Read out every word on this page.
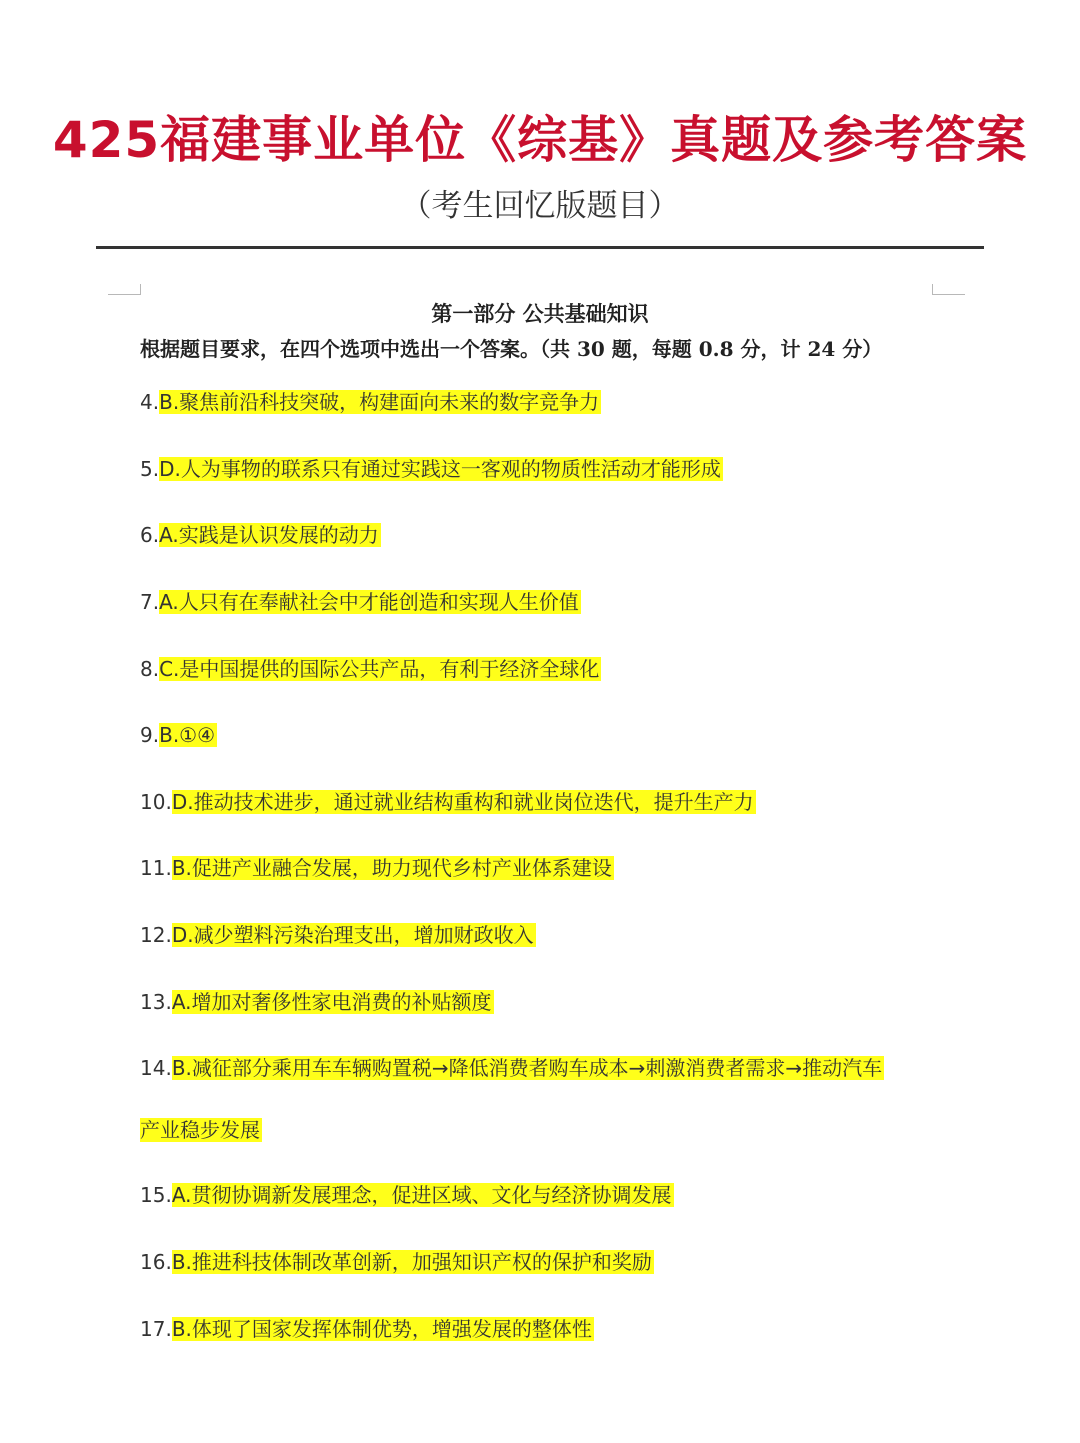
425福建事业单位《综基》真题及参考答案
（考生回忆版题目）
第一部分 公共基础知识
根据题目要求，在四个选项中选出一个答案。（共 30 题，每题 0.8 分，计 24 分）
4.B.聚焦前沿科技突破，构建面向未来的数字竞争力
5.D.人为事物的联系只有通过实践这一客观的物质性活动才能形成
6.A.实践是认识发展的动力
7.A.人只有在奉献社会中才能创造和实现人生价值
8.C.是中国提供的国际公共产品，有利于经济全球化
9.B.①④
10.D.推动技术进步，通过就业结构重构和就业岗位迭代，提升生产力
11.B.促进产业融合发展，助力现代乡村产业体系建设
12.D.减少塑料污染治理支出，增加财政收入
13.A.增加对奢侈性家电消费的补贴额度
14.B.减征部分乘用车车辆购置税→降低消费者购车成本→刺激消费者需求→推动汽车
产业稳步发展
15.A.贯彻协调新发展理念，促进区域、文化与经济协调发展
16.B.推进科技体制改革创新，加强知识产权的保护和奖励
17.B.体现了国家发挥体制优势，增强发展的整体性
